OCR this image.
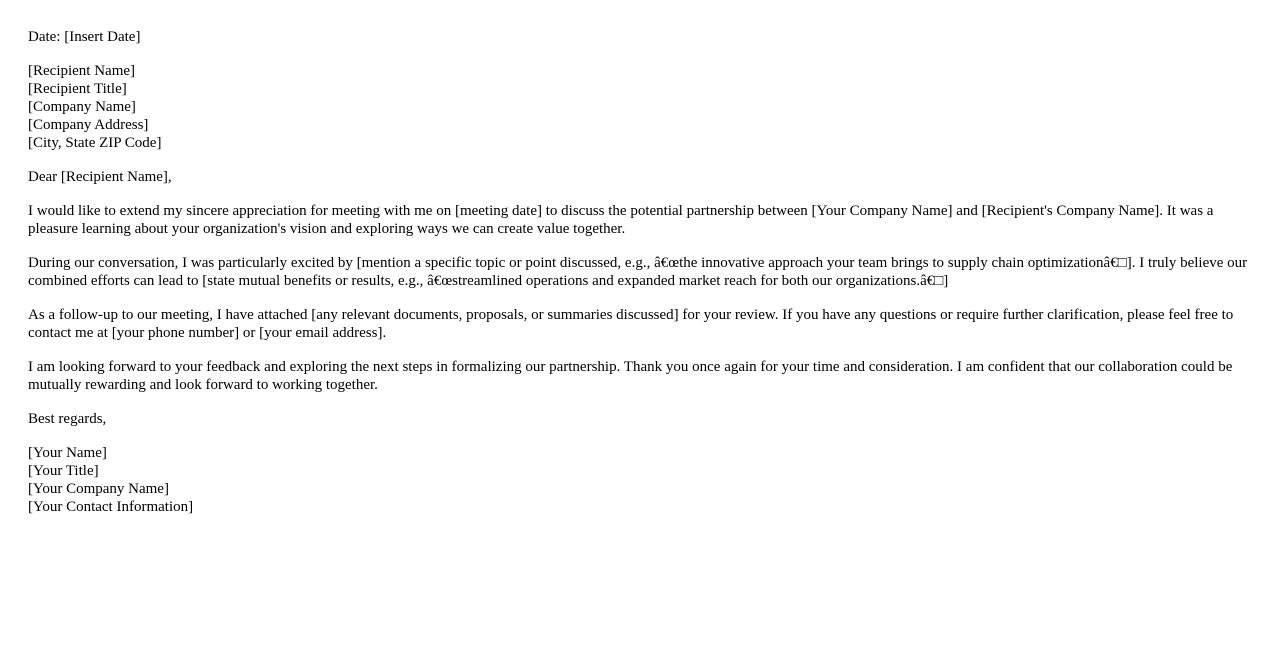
Date: [Insert Date]
[Recipient Name]
[Recipient Title]
[Company Name]
[Company Address]
[City, State ZIP Code]

Dear [Recipient Name],

I would like to extend my sincere appreciation for meeting with me on [meeting date] to discuss the potential partnership between [Your Company Name] and [Recipient's Company Name]. It was a pleasure learning about your organization's vision and exploring ways we can create value together.

During our conversation, I was particularly excited by [mention a specific topic or point discussed, e.g., â€œthe innovative approach your team brings to supply chain optimizationâ€□]. I truly believe our combined efforts can lead to [state mutual benefits or results, e.g., â€œstreamlined operations and expanded market reach for both our organizations.â€□]

As a follow-up to our meeting, I have attached [any relevant documents, proposals, or summaries discussed] for your review. If you have any questions or require further clarification, please feel free to contact me at [your phone number] or [your email address].

I am looking forward to your feedback and exploring the next steps in formalizing our partnership. Thank you once again for your time and consideration. I am confident that our collaboration could be mutually rewarding and look forward to working together.

Best regards,

[Your Name]
[Your Title]
[Your Company Name]
[Your Contact Information]
